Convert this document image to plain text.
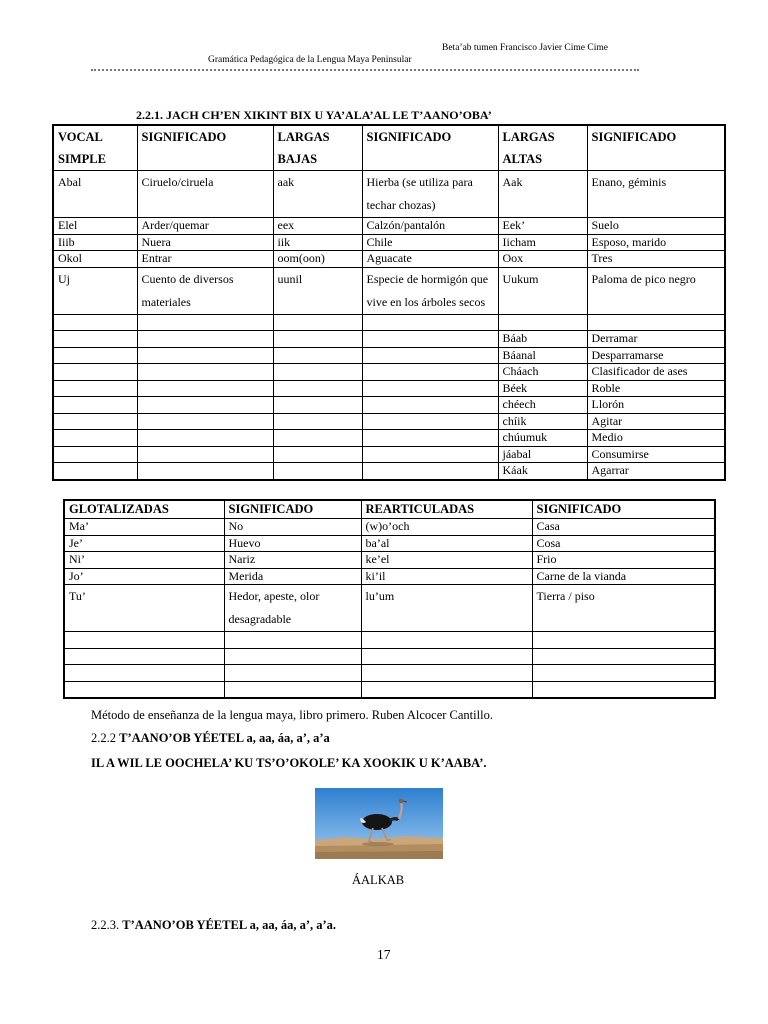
Beta’ab tumen Francisco Javier Cime Cime
Gramática Pedagógica de la Lengua Maya Peninsular
2.2.1. JACH CH’EN XIKINT BIX U YA’ALA’AL LE T’AANO’OBA’
VOCAL SIMPLE	SIGNIFICADO	LARGAS BAJAS	SIGNIFICADO	LARGAS ALTAS	SIGNIFICADO
Abal	Ciruelo/ciruela	aak	Hierba (se utiliza para techar chozas)	Aak	Enano, géminis
Elel	Arder/quemar	eex	Calzón/pantalón	Eek’	Suelo
Iiib	Nuera	iik	Chile	Iicham	Esposo, marido
Okol	Entrar	oom(oon)	Aguacate	Oox	Tres
Uj	Cuento de diversos materiales	uunil	Especie de hormigón que vive en los árboles secos	Uukum	Paloma de pico negro

				Báab	Derramar
				Báanal	Desparramarse
				Cháach	Clasificador de ases
				Béek	Roble
				chéech	Llorón
				chíik	Agitar
				chúumuk	Medio
				jáabal	Consumirse
				Káak	Agarrar
GLOTALIZADAS	SIGNIFICADO	REARTICULADAS	SIGNIFICADO
Ma’	No	(w)o’och	Casa
Je’	Huevo	ba’al	Cosa
Ni’	Nariz	ke’el	Frio
Jo’	Merida	ki’il	Carne de la vianda
Tu’	Hedor, apeste, olor desagradable	lu’um	Tierra / piso

Método de enseñanza de la lengua maya, libro primero. Ruben Alcocer Cantillo.
2.2.2 T’AANO’OB YÉETEL a, aa, áa, a’, a’a
IL A WIL LE OOCHELA’ KU TS’O’OKOLE’ KA XOOKIK U K’AABA’.
ÁALKAB
2.2.3. T’AANO’OB YÉETEL a, aa, áa, a’, a’a.
17
